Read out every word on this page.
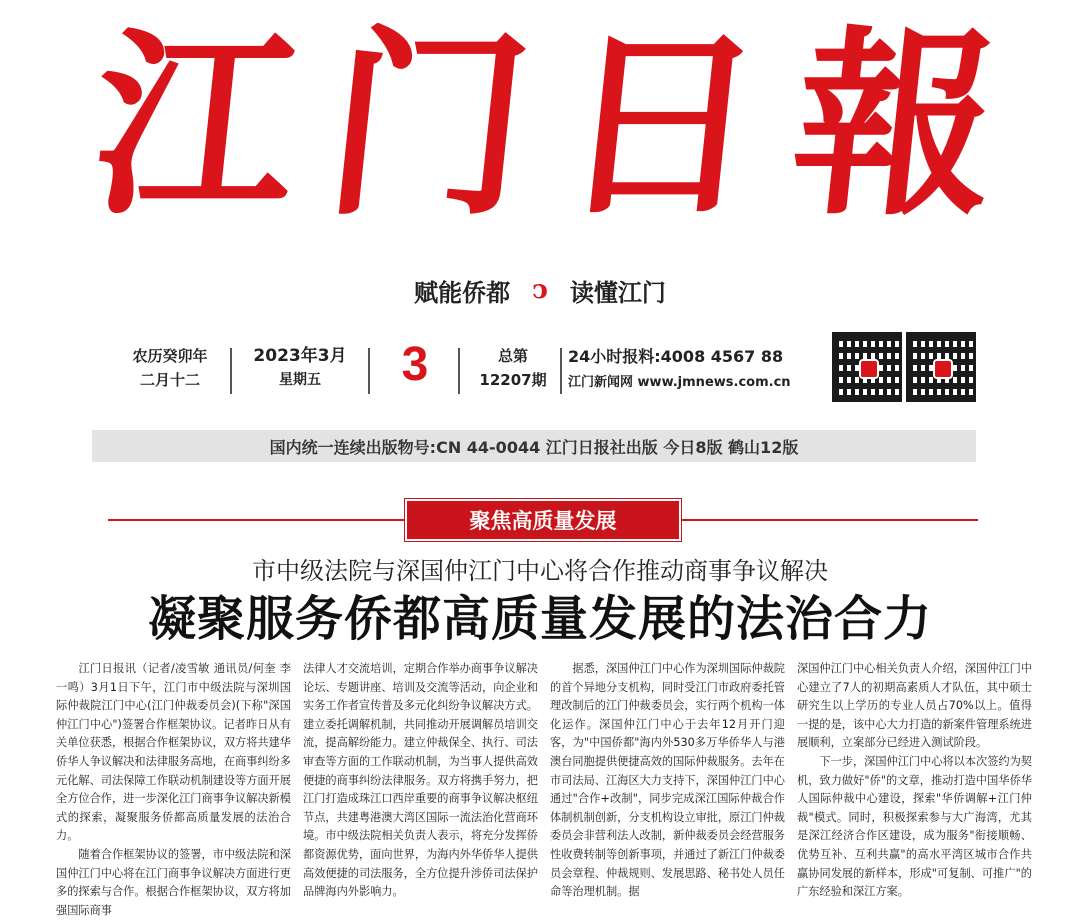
江 门 日 報
赋能侨都 ↄ 读懂江门
农历癸卯年
二月十二
2023年3月
星期五	3	总第
12207期
24小时报料:4008 4567 88
江门新闻网 www.jmnews.com.cn
国内统一连续出版物号:CN 44-0044 江门日报社出版 今日8版 鹤山12版
聚焦高质量发展
市中级法院与深国仲江门中心将合作推动商事争议解决
凝聚服务侨都高质量发展的法治合力

江门日报讯（记者/凌雪敏 通讯员/何奎 李一鸣）3月1日下午，江门市中级法院与深圳国际仲裁院江门中心(江门仲裁委员会)(下称"深国仲江门中心")签署合作框架协议。记者昨日从有关单位获悉，根据合作框架协议，双方将共建华侨华人争议解决和法律服务高地，在商事纠纷多元化解、司法保障工作联动机制建设等方面开展全方位合作，进一步深化江门商事争议解决新模式的探索，凝聚服务侨都高质量发展的法治合力。

随着合作框架协议的签署，市中级法院和深国仲江门中心将在江门商事争议解决方面进行更多的探索与合作。根据合作框架协议，双方将加强国际商事

法律人才交流培训，定期合作举办商事争议解决论坛、专题讲座、培训及交流等活动，向企业和实务工作者宣传普及多元化纠纷争议解决方式。建立委托调解机制，共同推动开展调解员培训交流，提高解纷能力。建立仲裁保全、执行、司法审查等方面的工作联动机制，为当事人提供高效便捷的商事纠纷法律服务。双方将携手努力，把江门打造成珠江口西岸重要的商事争议解决枢纽节点，共建粤港澳大湾区国际一流法治化营商环境。市中级法院相关负责人表示，将充分发挥侨都资源优势，面向世界，为海内外华侨华人提供高效便捷的司法服务，全方位提升涉侨司法保护品牌海内外影响力。

据悉，深国仲江门中心作为深圳国际仲裁院的首个异地分支机构，同时受江门市政府委托管理改制后的江门仲裁委员会，实行两个机构一体化运作。深国仲江门中心于去年12月开门迎客，为"中国侨都"海内外530多万华侨华人与港澳台同胞提供便捷高效的国际仲裁服务。去年在市司法局、江海区大力支持下，深国仲江门中心通过"合作+改制"，同步完成深江国际仲裁合作体制机制创新，分支机构设立审批，原江门仲裁委员会非营利法人改制，新仲裁委员会经营服务性收费转制等创新事项，并通过了新江门仲裁委员会章程、仲裁规则、发展思路、秘书处人员任命等治理机制。据

深国仲江门中心相关负责人介绍，深国仲江门中心建立了7人的初期高素质人才队伍，其中硕士研究生以上学历的专业人员占70%以上。值得一提的是，该中心大力打造的新案件管理系统进展顺利，立案部分已经进入测试阶段。

下一步，深国仲江门中心将以本次签约为契机，致力做好"侨"的文章，推动打造中国华侨华人国际仲裁中心建设，探索"华侨调解+江门仲裁"模式。同时，积极探索参与大广海湾，尤其是深江经济合作区建设，成为服务"衔接顺畅、优势互补、互利共赢"的高水平湾区城市合作共赢协同发展的新样本，形成"可复制、可推广"的广东经验和深江方案。
